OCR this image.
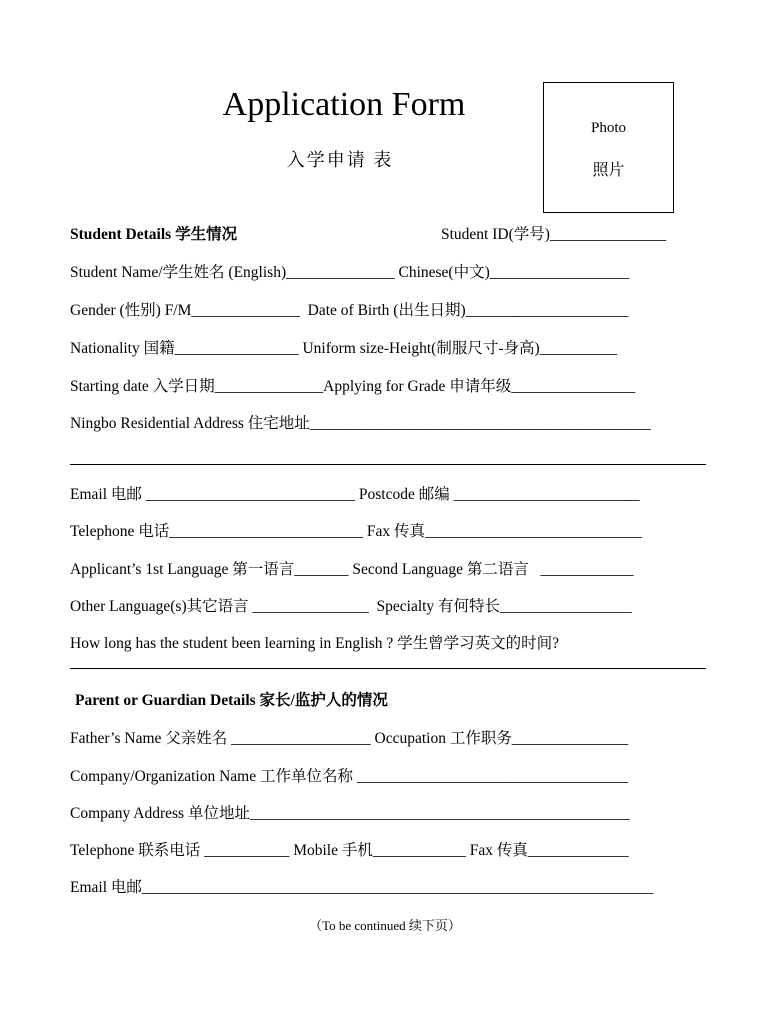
Application Form
入学申请 表
Photo
照片
Student Details 学生情况	Student ID(学号)_______________
Student Name/学生姓名 (English)______________ Chinese(中文)__________________
Gender (性别) F/M______________  Date of Birth (出生日期)_____________________
Nationality 国籍________________ Uniform size-Height(制服尺寸-身高)__________
Starting date 入学日期______________Applying for Grade 申请年级________________
Ningbo Residential Address 住宅地址____________________________________________
Email 电邮 ___________________________ Postcode 邮编 ________________________
Telephone 电话_________________________ Fax 传真____________________________
Applicant’s 1st Language 第一语言_______ Second Language 第二语言   ____________
Other Language(s)其它语言 _______________  Specialty 有何特长_________________
How long has the student been learning in English ? 学生曾学习英文的时间?
Parent or Guardian Details 家长/监护人的情况
Father’s Name 父亲姓名 __________________ Occupation 工作职务_______________
Company/Organization Name 工作单位名称 ___________________________________
Company Address 单位地址_________________________________________________
Telephone 联系电话 ___________ Mobile 手机____________ Fax 传真_____________
Email 电邮__________________________________________________________________
（To be continued 续下页）
